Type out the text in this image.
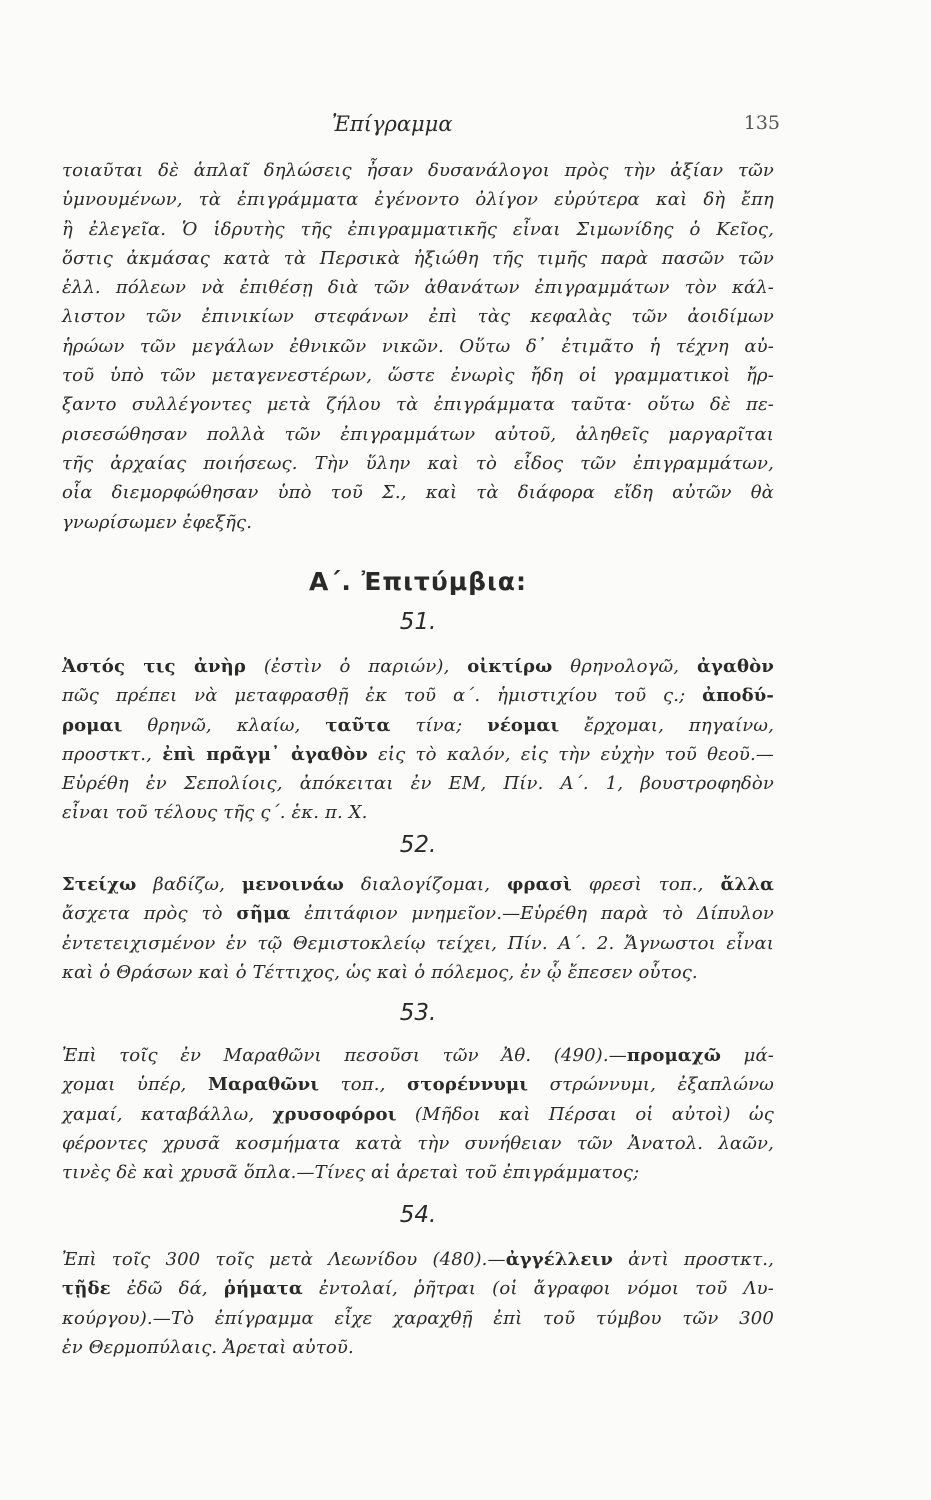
Ἐπίγραμμα	135
τοιαῦται δὲ ἁπλαῖ δηλώσεις ἦσαν δυσανάλογοι πρὸς τὴν ἀξίαν τῶν
ὑμνουμένων, τὰ ἐπιγράμματα ἐγένοντο ὀλίγον εὐρύτερα καὶ δὴ ἔπη
ἢ ἐλεγεῖα. Ὁ ἱδρυτὴς τῆς ἐπιγραμματικῆς εἶναι Σιμωνίδης ὁ Κεῖος,
ὅστις ἀκμάσας κατὰ τὰ Περσικὰ ἠξιώθη τῆς τιμῆς παρὰ πασῶν τῶν
ἑλλ. πόλεων νὰ ἐπιθέσῃ διὰ τῶν ἀθανάτων ἐπιγραμμάτων τὸν κάλ-
λιστον τῶν ἐπινικίων στεφάνων ἐπὶ τὰς κεφαλὰς τῶν ἀοιδίμων
ἡρώων τῶν μεγάλων ἐθνικῶν νικῶν. Οὕτω δ᾿ ἐτιμᾶτο ἡ τέχνη αὐ-
τοῦ ὑπὸ τῶν μεταγενεστέρων, ὥστε ἐνωρὶς ἤδη οἱ γραμματικοὶ ἤρ-
ξαντο συλλέγοντες μετὰ ζήλου τὰ ἐπιγράμματα ταῦτα· οὕτω δὲ πε-
ρισεσώθησαν πολλὰ τῶν ἐπιγραμμάτων αὐτοῦ, ἀληθεῖς μαργαρῖται
τῆς ἀρχαίας ποιήσεως. Τὴν ὕλην καὶ τὸ εἶδος τῶν ἐπιγραμμάτων,
οἷα διεμορφώθησαν ὑπὸ τοῦ Σ., καὶ τὰ διάφορα εἴδη αὐτῶν θὰ
γνωρίσωμεν ἐφεξῆς.
Α΄. Ἐπιτύμβια:
51.
Ἀστός τις ἀνὴρ (ἐστὶν ὁ παριών), οἰκτίρω θρηνολογῶ, ἀγαθὸν
πῶς πρέπει νὰ μεταφρασθῇ ἐκ τοῦ α΄. ἡμιστιχίου τοῦ ς.; ἀποδύ-
ρομαι θρηνῶ, κλαίω, ταῦτα τίνα; νέομαι ἔρχομαι, πηγαίνω,
προστκτ., ἐπὶ πρᾶγμ᾿ ἀγαθὸν εἰς τὸ καλόν, εἰς τὴν εὐχὴν τοῦ θεοῦ.—
Εὑρέθη ἐν Σεπολίοις, ἀπόκειται ἐν ΕΜ, Πίν. Α΄. 1, βουστροφηδὸν
εἶναι τοῦ τέλους τῆς ς΄. ἑκ. π. Χ.
52.
Στείχω βαδίζω, μενοινάω διαλογίζομαι, φρασὶ φρεσὶ τοπ., ἄλλα
ἄσχετα πρὸς τὸ σῆμα ἐπιτάφιον μνημεῖον.—Εὑρέθη παρὰ τὸ Δίπυλον
ἐντετειχισμένον ἐν τῷ Θεμιστοκλείῳ τείχει, Πίν. Α΄. 2. Ἄγνωστοι εἶναι
καὶ ὁ Θράσων καὶ ὁ Τέττιχος, ὡς καὶ ὁ πόλεμος, ἐν ᾧ ἔπεσεν οὗτος.
53.
Ἐπὶ τοῖς ἐν Μαραθῶνι πεσοῦσι τῶν Ἀθ. (490).—προμαχῶ μά-
χομαι ὑπέρ, Μαραθῶνι τοπ., στορέννυμι στρώννυμι, ἐξαπλώνω
χαμαί, καταβάλλω, χρυσοφόροι (Μῆδοι καὶ Πέρσαι οἱ αὐτοὶ) ὡς
φέροντες χρυσᾶ κοσμήματα κατὰ τὴν συνήθειαν τῶν Ἀνατολ. λαῶν,
τινὲς δὲ καὶ χρυσᾶ ὅπλα.—Τίνες αἱ ἀρεταὶ τοῦ ἐπιγράμματος;
54.
Ἐπὶ τοῖς 300 τοῖς μετὰ Λεωνίδου (480).—ἀγγέλλειν ἀντὶ προστκτ.,
τῇδε ἐδῶ δά, ῥήματα ἐντολαί, ῥῆτραι (οἱ ἄγραφοι νόμοι τοῦ Λυ-
κούργου).—Τὸ ἐπίγραμμα εἶχε χαραχθῇ ἐπὶ τοῦ τύμβου τῶν 300
ἐν Θερμοπύλαις. Ἀρεταὶ αὐτοῦ.
